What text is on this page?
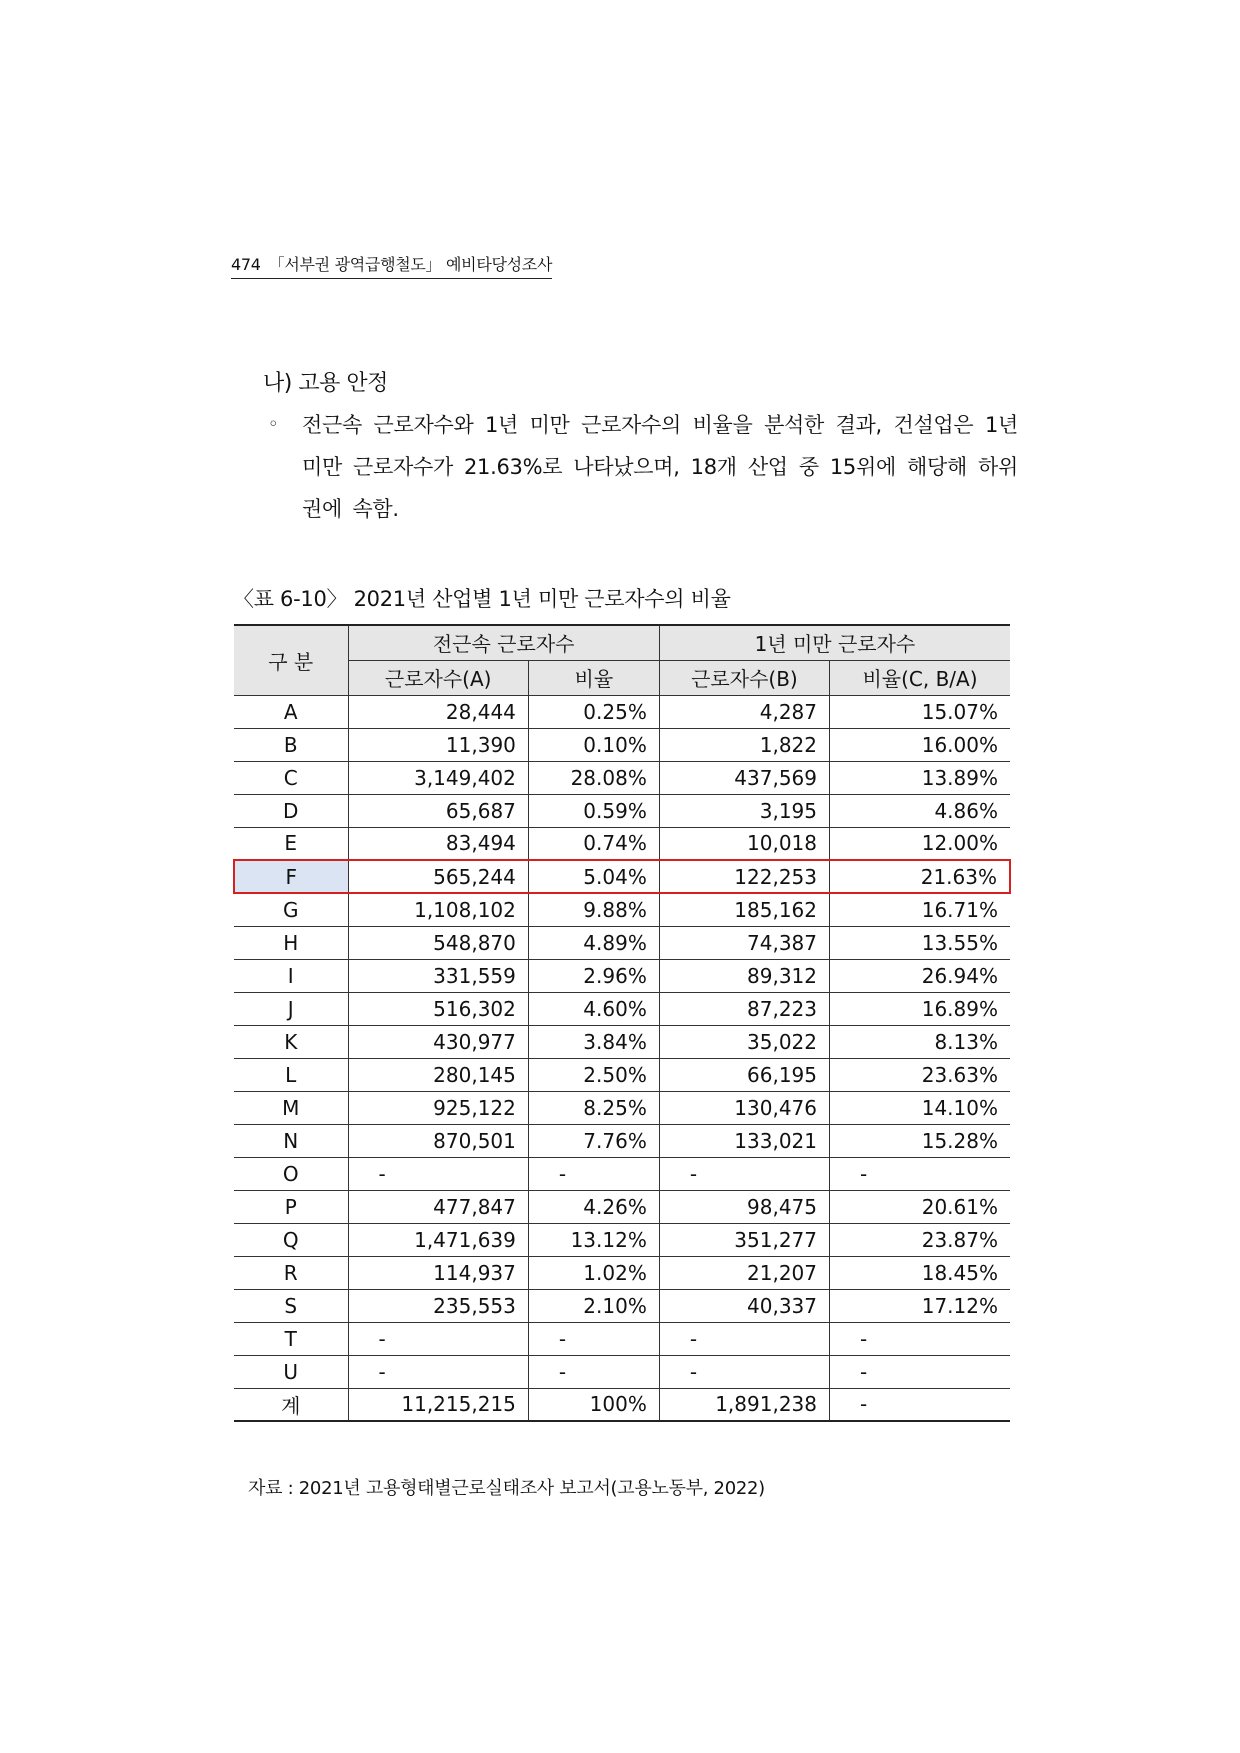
474 「서부권 광역급행철도」 예비타당성조사
나) 고용 안정
◦ 전근속 근로자수와 1년 미만 근로자수의 비율을 분석한 결과, 건설업은 1년 미만 근로자수가 21.63%로 나타났으며, 18개 산업 중 15위에 해당해 하위권에 속함.
〈표 6-10〉 2021년 산업별 1년 미만 근로자수의 비율
구 분	전근속 근로자수		1년 미만 근로자수	
	근로자수(A)	비율	근로자수(B)	비율(C, B/A)
A	28,444	0.25%	4,287	15.07%
B	11,390	0.10%	1,822	16.00%
C	3,149,402	28.08%	437,569	13.89%
D	65,687	0.59%	3,195	4.86%
E	83,494	0.74%	10,018	12.00%
F	565,244	5.04%	122,253	21.63%
G	1,108,102	9.88%	185,162	16.71%
H	548,870	4.89%	74,387	13.55%
I	331,559	2.96%	89,312	26.94%
J	516,302	4.60%	87,223	16.89%
K	430,977	3.84%	35,022	8.13%
L	280,145	2.50%	66,195	23.63%
M	925,122	8.25%	130,476	14.10%
N	870,501	7.76%	133,021	15.28%
O	-	-	-	-
P	477,847	4.26%	98,475	20.61%
Q	1,471,639	13.12%	351,277	23.87%
R	114,937	1.02%	21,207	18.45%
S	235,553	2.10%	40,337	17.12%
T	-	-	-	-
U	-	-	-	-
계	11,215,215	100%	1,891,238	-
자료 : 2021년 고용형태별근로실태조사 보고서(고용노동부, 2022)
